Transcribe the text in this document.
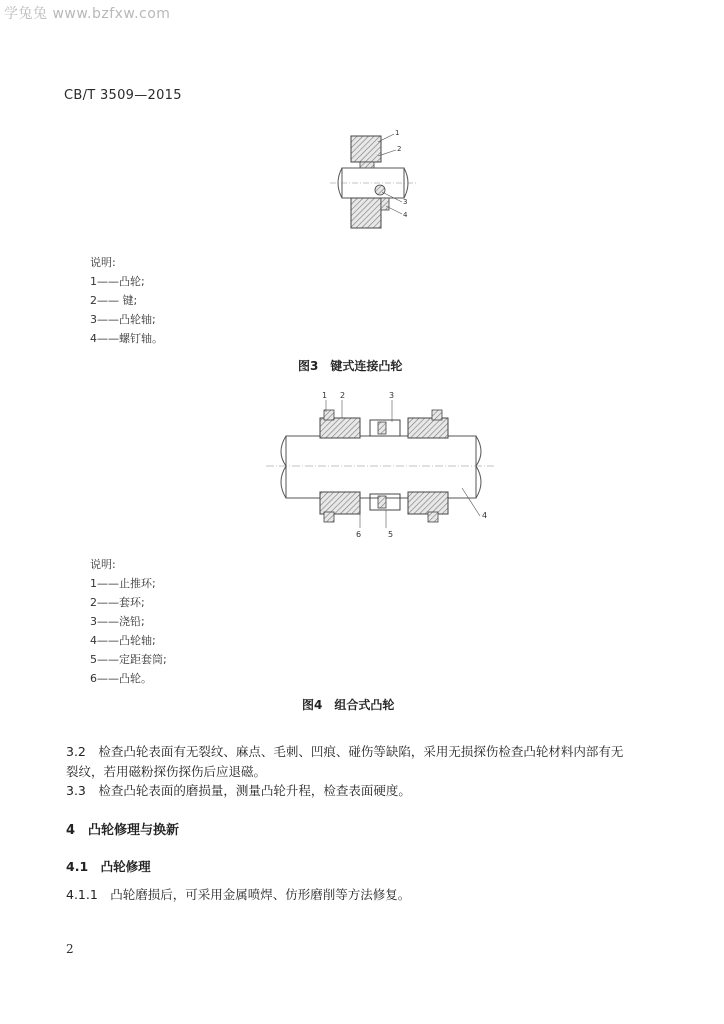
学兔兔 www.bzfxw.com
CB/T 3509—2015
1
2
3
4
说明:
1——凸轮;
2—— 键;
3——凸轮轴;
4——螺钉轴。
图3　键式连接凸轮
1 2	3
4
6	5
说明:
1——止推环;
2——套环;
3——浇铅;
4——凸轮轴;
5——定距套筒;
6——凸轮。
图4　组合式凸轮
3.2　检查凸轮表面有无裂纹、麻点、毛刺、凹痕、碰伤等缺陷，采用无损探伤检查凸轮材料内部有无
裂纹，若用磁粉探伤探伤后应退磁。
3.3　检查凸轮表面的磨损量，测量凸轮升程，检查表面硬度。
4　凸轮修理与换新
4.1　凸轮修理
4.1.1　凸轮磨损后，可采用金属喷焊、仿形磨削等方法修复。
2
